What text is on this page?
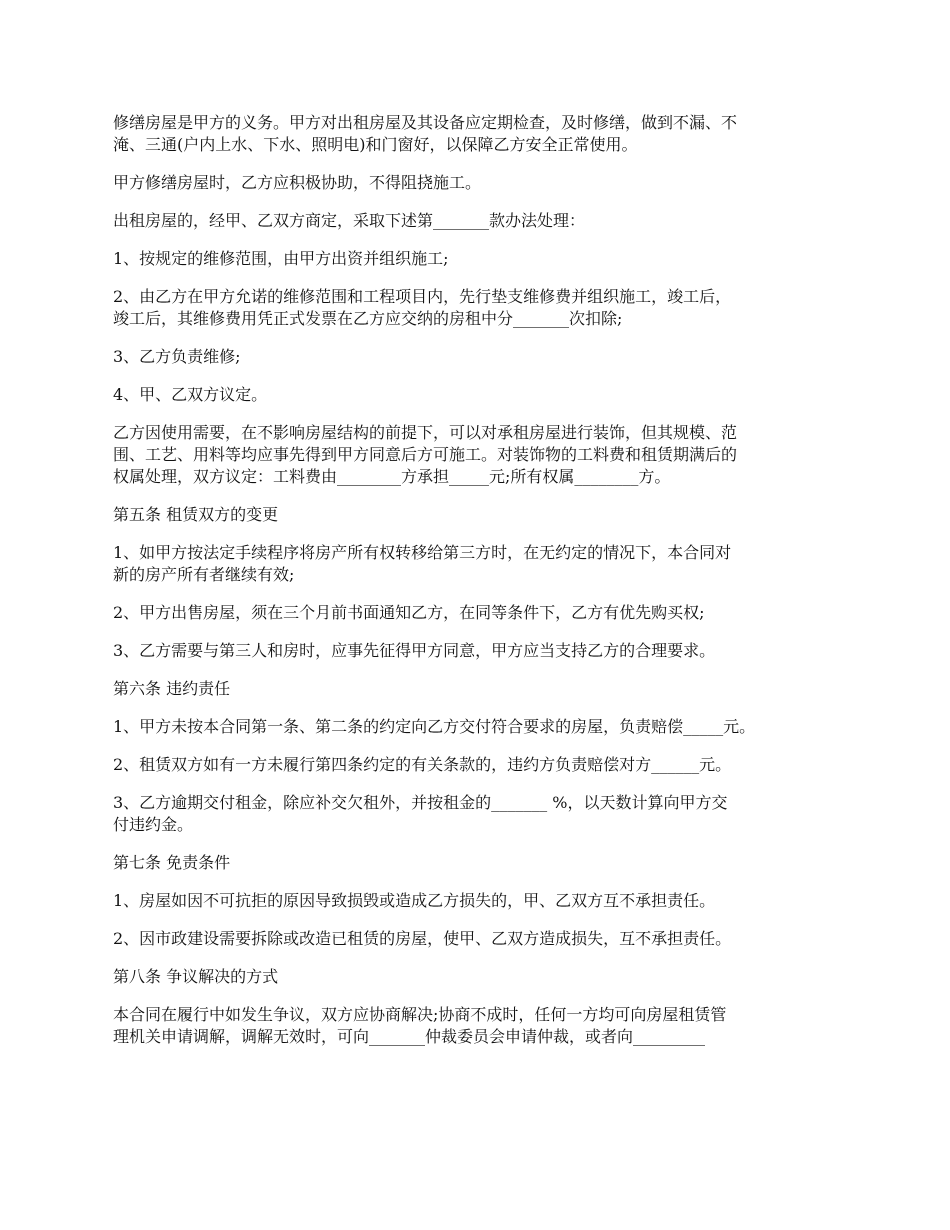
修缮房屋是甲方的义务。甲方对出租房屋及其设备应定期检查，及时修缮，做到不漏、不
淹、三通(户内上水、下水、照明电)和门窗好，以保障乙方安全正常使用。

甲方修缮房屋时，乙方应积极协助，不得阻挠施工。

出租房屋的，经甲、乙双方商定，采取下述第_______款办法处理：

1、按规定的维修范围，由甲方出资并组织施工;

2、由乙方在甲方允诺的维修范围和工程项目内，先行垫支维修费并组织施工，竣工后，
竣工后，其维修费用凭正式发票在乙方应交纳的房租中分_______次扣除;

3、乙方负责维修;

4、甲、乙双方议定。

乙方因使用需要，在不影响房屋结构的前提下，可以对承租房屋进行装饰，但其规模、范
围、工艺、用料等均应事先得到甲方同意后方可施工。对装饰物的工料费和租赁期满后的
权属处理，双方议定：工料费由________方承担_____元;所有权属________方。

第五条 租赁双方的变更

1、如甲方按法定手续程序将房产所有权转移给第三方时，在无约定的情况下，本合同对
新的房产所有者继续有效;

2、甲方出售房屋，须在三个月前书面通知乙方，在同等条件下，乙方有优先购买权;

3、乙方需要与第三人和房时，应事先征得甲方同意，甲方应当支持乙方的合理要求。

第六条 违约责任

1、甲方未按本合同第一条、第二条的约定向乙方交付符合要求的房屋，负责赔偿_____元。

2、租赁双方如有一方未履行第四条约定的有关条款的，违约方负责赔偿对方______元。

3、乙方逾期交付租金，除应补交欠租外，并按租金的_______ %，以天数计算向甲方交
付违约金。

第七条 免责条件

1、房屋如因不可抗拒的原因导致损毁或造成乙方损失的，甲、乙双方互不承担责任。

2、因市政建设需要拆除或改造已租赁的房屋，使甲、乙双方造成损失，互不承担责任。

第八条 争议解决的方式

本合同在履行中如发生争议，双方应协商解决;协商不成时，任何一方均可向房屋租赁管
理机关申请调解，调解无效时，可向_______仲裁委员会申请仲裁，或者向_________
